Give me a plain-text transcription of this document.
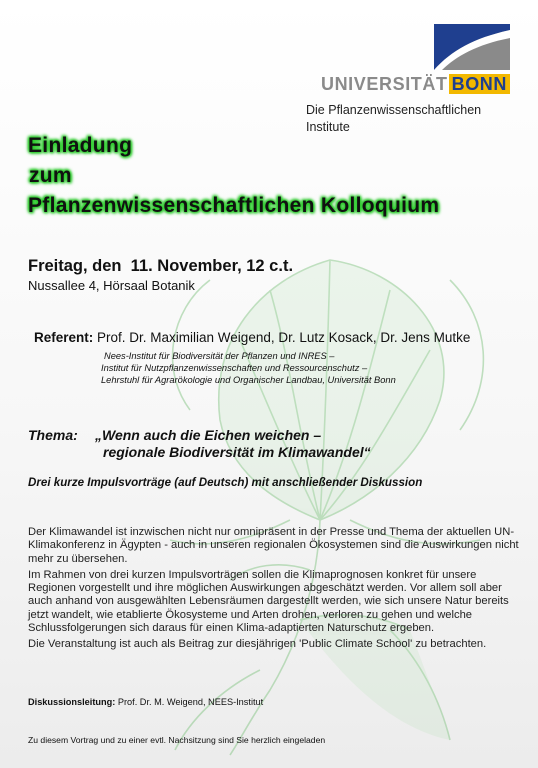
UNIVERSITÄT BONN
Die Pflanzenwissenschaftlichen
Institute
Einladung
zum
Pflanzenwissenschaftlichen Kolloquium
Freitag, den  11. November, 12 c.t.
Nussallee 4, Hörsaal Botanik
Referent: Prof. Dr. Maximilian Weigend, Dr. Lutz Kosack, Dr. Jens Mutke
Nees-Institut für Biodiversität der Pflanzen und INRES –
Institut für Nutzpflanzenwissenschaften und Ressourcenschutz –
Lehrstuhl für Agrarökologie und Organischer Landbau, Universität Bonn
Thema: „Wenn auch die Eichen weichen –
regionale Biodiversität im Klimawandel“
Drei kurze Impulsvorträge (auf Deutsch) mit anschließender Diskussion

Der Klimawandel ist inzwischen nicht nur omnipräsent in der Presse und Thema der aktuellen UN-Klimakonferenz in Ägypten - auch in unseren regionalen Ökosystemen sind die Auswirkungen nicht mehr zu übersehen.

Im Rahmen von drei kurzen Impulsvorträgen sollen die Klimaprognosen konkret für unsere Regionen vorgestellt und ihre möglichen Auswirkungen abgeschätzt werden. Vor allem soll aber auch anhand von ausgewählten Lebensräumen dargestellt werden, wie sich unsere Natur bereits jetzt wandelt, wie etablierte Ökosysteme und Arten drohen, verloren zu gehen und welche Schlussfolgerungen sich daraus für einen Klima-adaptierten Naturschutz ergeben.

Die Veranstaltung ist auch als Beitrag zur diesjährigen 'Public Climate School' zu betrachten.

Diskussionsleitung: Prof. Dr. M. Weigend, NEES-Institut
Zu diesem Vortrag und zu einer evtl. Nachsitzung sind Sie herzlich eingeladen
